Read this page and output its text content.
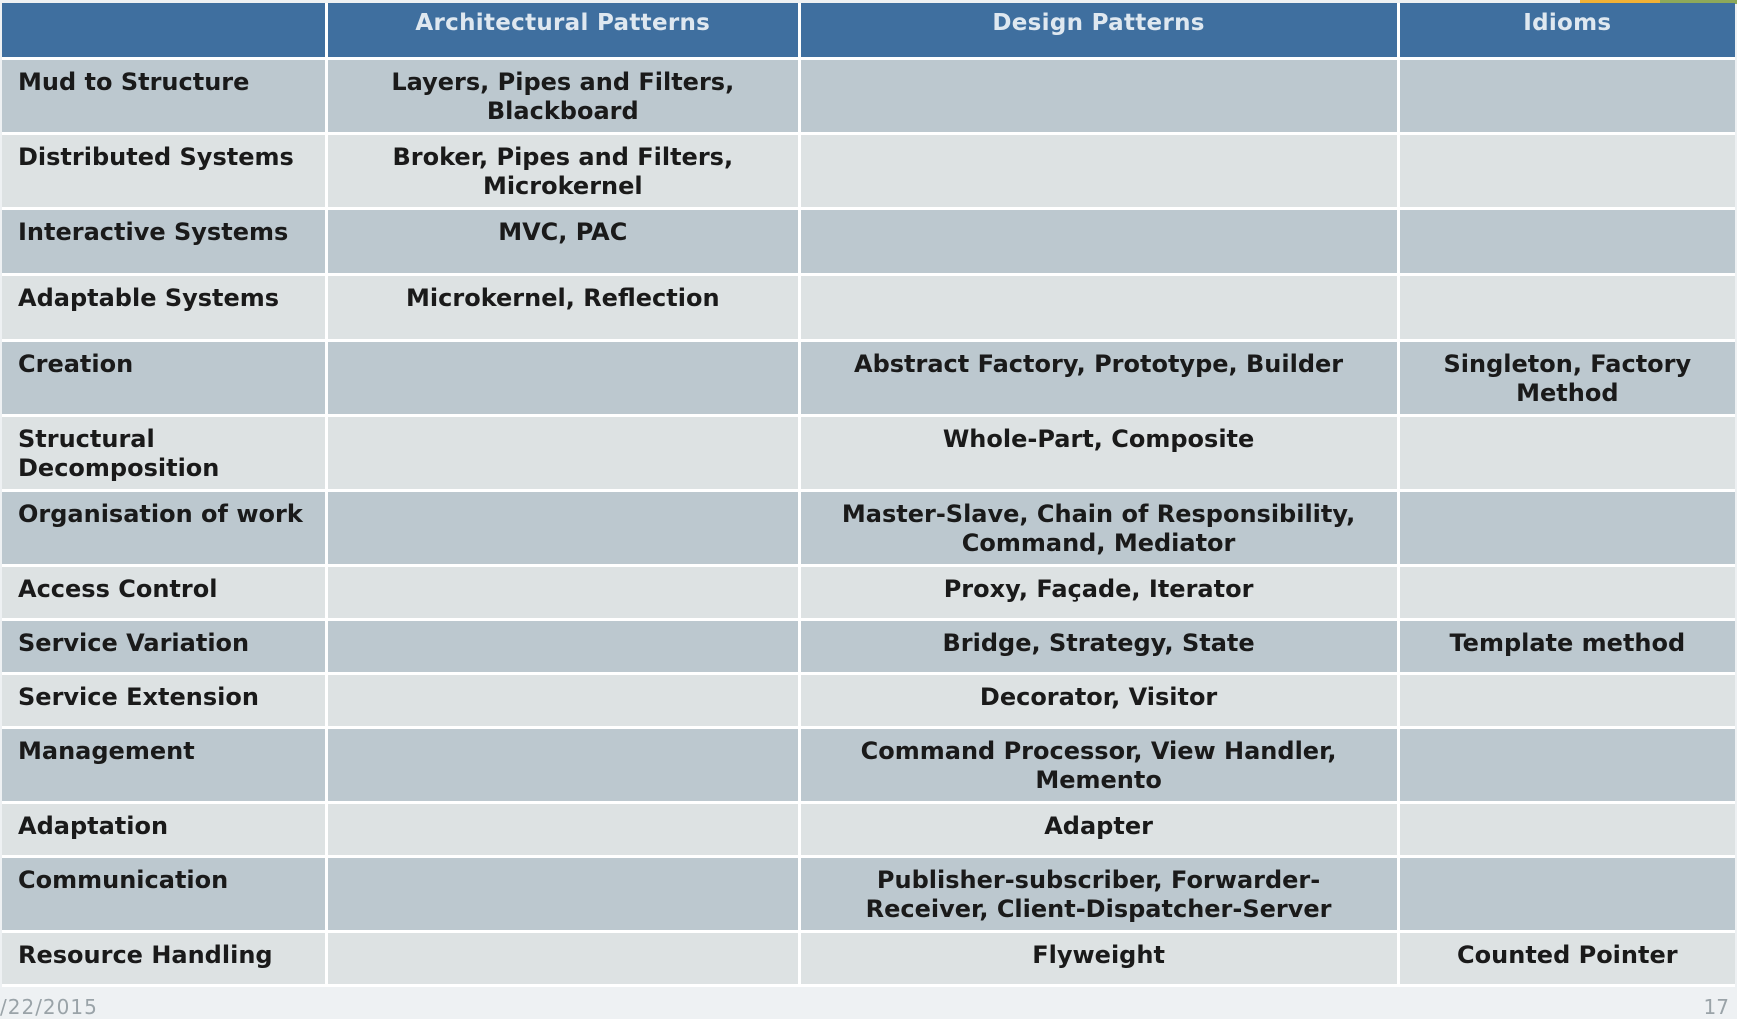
	Architectural Patterns	Design Patterns	Idioms
Mud to Structure	Layers, Pipes and Filters, Blackboard		
Distributed Systems	Broker, Pipes and Filters, Microkernel		
Interactive Systems	MVC, PAC		
Adaptable Systems	Microkernel, Reflection		
Creation		Abstract Factory, Prototype, Builder	Singleton, Factory Method
Structural Decomposition		Whole-Part, Composite	
Organisation of work		Master-Slave, Chain of Responsibility, Command, Mediator	
Access Control		Proxy, Façade, Iterator	
Service Variation		Bridge, Strategy, State	Template method
Service Extension		Decorator, Visitor	
Management		Command Processor, View Handler, Memento	
Adaptation		Adapter	
Communication		Publisher-subscriber, Forwarder-Receiver, Client-Dispatcher-Server	
Resource Handling		Flyweight	Counted Pointer
/22/2015	17
